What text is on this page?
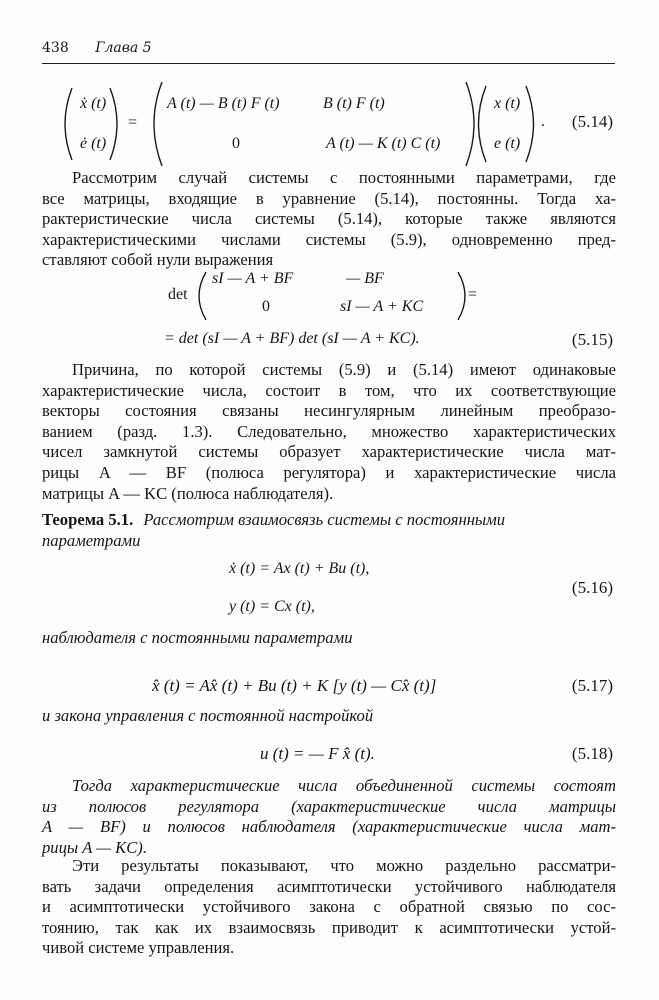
438 Глава 5
ẋ (t)
ė (t)
=
A (t) — B (t) F (t)	B (t) F (t)
0	A (t) — K (t) C (t)
x (t)
e (t)
. (5.14)
Рассмотрим случай системы с постоянными параметрами, где
все матрицы, входящие в уравнение (5.14), постоянны. Тогда ха-
рактеристические числа системы (5.14), которые также являются
характеристическими числами системы (5.9), одновременно пред-
ставляют собой нули выражения
det
sI — A + BF	— BF
0	sI — A + KC
=
= det (sI — A + BF) det (sI — A + KC).	(5.15)
Причина, по которой системы (5.9) и (5.14) имеют одинаковые
характеристические числа, состоит в том, что их соответствующие
векторы состояния связаны несингулярным линейным преобразо-
ванием (разд. 1.3). Следовательно, множество характеристических
чисел замкнутой системы образует характеристические числа мат-
рицы A — BF (полюса регулятора) и характеристические числа
матрицы A — KC (полюса наблюдателя).
Теорема 5.1. Рассмотрим взаимосвязь системы с постоянными
параметрами
ẋ (t) = Ax (t) + Bu (t),
y (t) = Cx (t),
(5.16)
наблюдателя с постоянными параметрами
x̂ (t) = Ax̂ (t) + Bu (t) + K [y (t) — Cx̂ (t)]	(5.17)
и закона управления с постоянной настройкой
u (t) = — F x̂ (t).	(5.18)
Тогда характеристические числа объединенной системы состоят
из полюсов регулятора (характеристические числа матрицы
A — BF) и полюсов наблюдателя (характеристические числа мат-
рицы A — KC).
Эти результаты показывают, что можно раздельно рассматри-
вать задачи определения асимптотически устойчивого наблюдателя
и асимптотически устойчивого закона с обратной связью по сос-
тоянию, так как их взаимосвязь приводит к асимптотически устой-
чивой системе управления.
